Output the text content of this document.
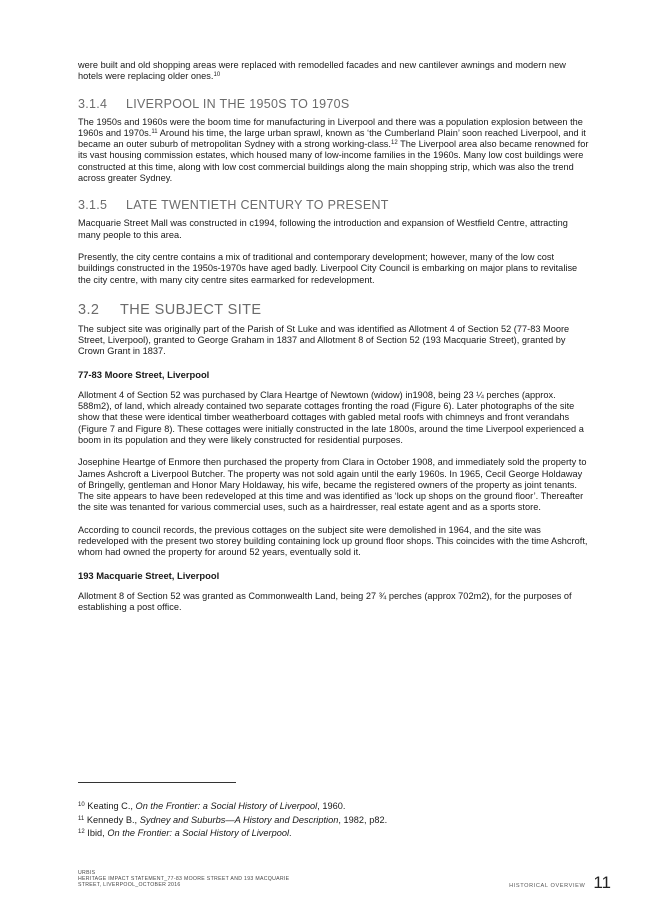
were built and old shopping areas were replaced with remodelled facades and new cantilever awnings and modern new hotels were replacing older ones.$^{10}$

3.1.4 LIVERPOOL IN THE 1950S TO 1970S

The 1950s and 1960s were the boom time for manufacturing in Liverpool and there was a population explosion between the 1960s and 1970s.$^{11}$ Around his time, the large urban sprawl, known as ‘the Cumberland Plain’ soon reached Liverpool, and it became an outer suburb of metropolitan Sydney with a strong working-class.$^{12}$ The Liverpool area also became renowned for its vast housing commission estates, which housed many of low-income families in the 1960s. Many low cost buildings were constructed at this time, along with low cost commercial buildings along the main shopping strip, which was also the trend across greater Sydney.

3.1.5 LATE TWENTIETH CENTURY TO PRESENT

Macquarie Street Mall was constructed in c1994, following the introduction and expansion of Westfield Centre, attracting many people to this area.

Presently, the city centre contains a mix of traditional and contemporary development; however, many of the low cost buildings constructed in the 1950s-1970s have aged badly. Liverpool City Council is embarking on major plans to revitalise the city centre, with many city centre sites earmarked for redevelopment.

3.2 THE SUBJECT SITE

The subject site was originally part of the Parish of St Luke and was identified as Allotment 4 of Section 52 (77-83 Moore Street, Liverpool), granted to George Graham in 1837 and Allotment 8 of Section 52 (193 Macquarie Street), granted by Crown Grant in 1837.

77-83 Moore Street, Liverpool

Allotment 4 of Section 52 was purchased by Clara Heartge of Newtown (widow) in1908, being 23 ¼ perches (approx. 588m2), of land, which already contained two separate cottages fronting the road (Figure 6). Later photographs of the site show that these were identical timber weatherboard cottages with gabled metal roofs with chimneys and front verandahs (Figure 7 and Figure 8). These cottages were initially constructed in the late 1800s, around the time Liverpool experienced a boom in its population and they were likely constructed for residential purposes.

Josephine Heartge of Enmore then purchased the property from Clara in October 1908, and immediately sold the property to James Ashcroft a Liverpool Butcher. The property was not sold again until the early 1960s. In 1965, Cecil George Holdaway of Bringelly, gentleman and Honor Mary Holdaway, his wife, became the registered owners of the property as joint tenants. The site appears to have been redeveloped at this time and was identified as ‘lock up shops on the ground floor’. Thereafter the site was tenanted for various commercial uses, such as a hairdresser, real estate agent and as a sports store.

According to council records, the previous cottages on the subject site were demolished in 1964, and the site was redeveloped with the present two storey building containing lock up ground floor shops. This coincides with the time Ashcroft, whom had owned the property for around 52 years, eventually sold it.

193 Macquarie Street, Liverpool

Allotment 8 of Section 52 was granted as Commonwealth Land, being 27 ¾ perches (approx 702m2), for the purposes of establishing a post office.

$^{10}$ Keating C., On the Frontier: a Social History of Liverpool, 1960.

$^{11}$ Kennedy B., Sydney and Suburbs—A History and Description, 1982, p82.

$^{12}$ Ibid, On the Frontier: a Social History of Liverpool.

URBIS
HERITAGE IMPACT STATEMENT_77-83 MOORE STREET AND 193 MACQUARIE
STREET, LIVERPOOL_OCTOBER 2016	HISTORICAL OVERVIEW 11
